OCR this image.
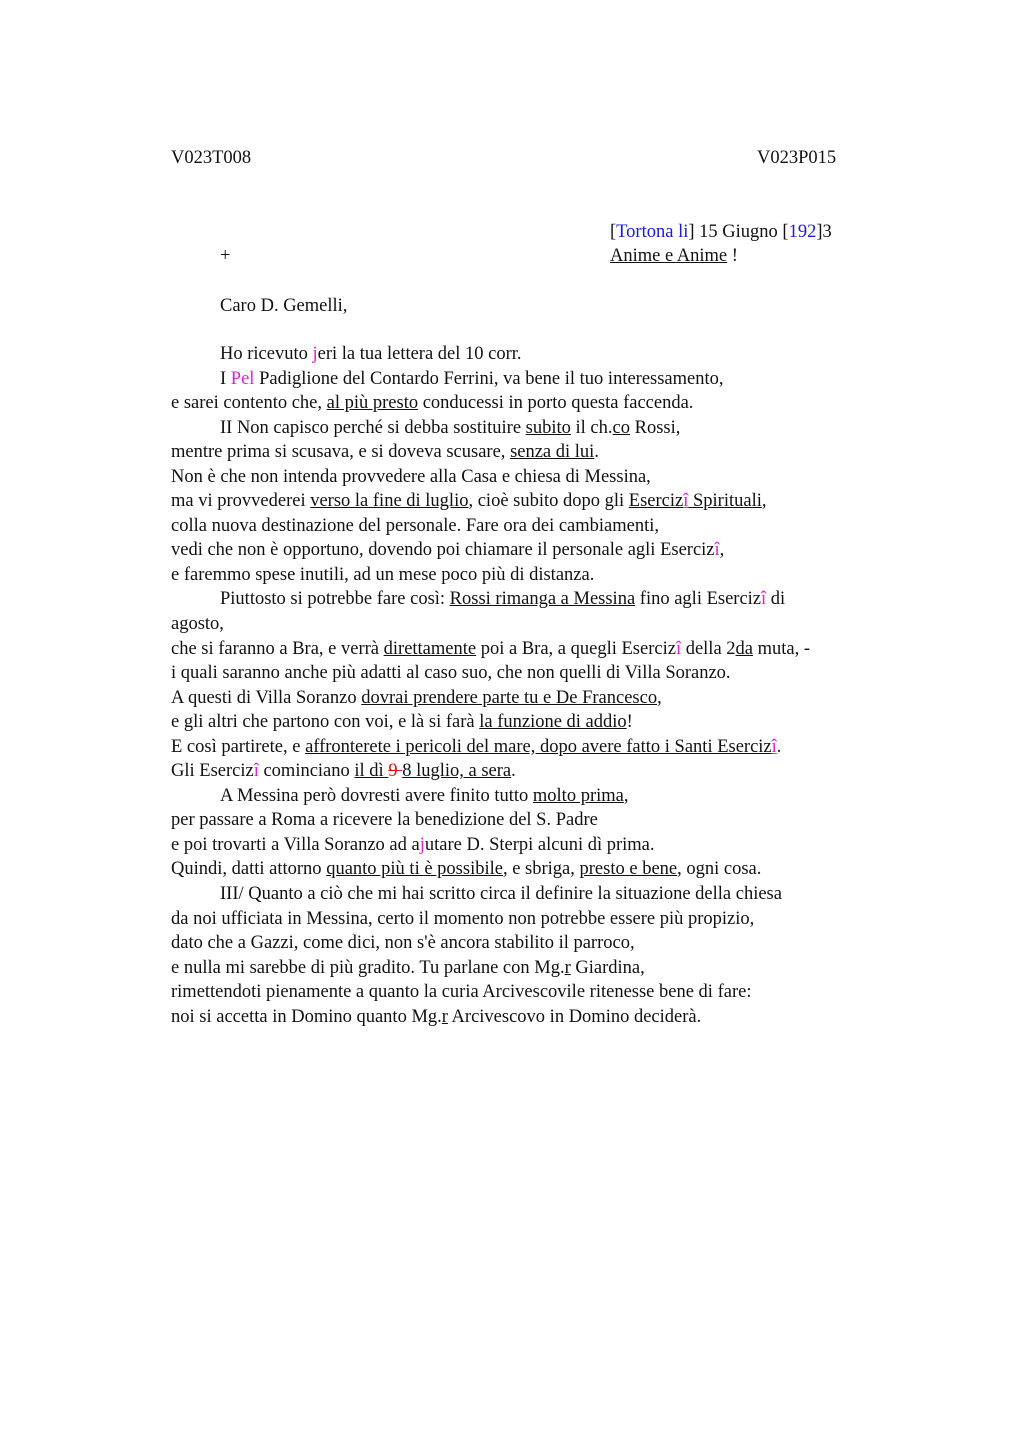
V023T008	V023P015
[Tortona li] 15 Giugno [192]3
+	Anime e Anime !
Caro D. Gemelli,
Ho ricevuto jeri la tua lettera del 10 corr.
I Pel Padiglione del Contardo Ferrini, va bene il tuo interessamento,
e sarei contento che, al più presto conducessi in porto questa faccenda.
II Non capisco perché si debba sostituire subito il ch.co Rossi,
mentre prima si scusava, e si doveva scusare, senza di lui.
Non è che non intenda provvedere alla Casa e chiesa di Messina,
ma vi provvederei verso la fine di luglio, cioè subito dopo gli Esercizî Spirituali,
colla nuova destinazione del personale. Fare ora dei cambiamenti,
vedi che non è opportuno, dovendo poi chiamare il personale agli Esercizî,
e faremmo spese inutili, ad un mese poco più di distanza.
Piuttosto si potrebbe fare così: Rossi rimanga a Messina fino agli Esercizî di
agosto,
che si faranno a Bra, e verrà direttamente poi a Bra, a quegli Esercizî della 2da muta, -
i quali saranno anche più adatti al caso suo, che non quelli di Villa Soranzo.
A questi di Villa Soranzo dovrai prendere parte tu e De Francesco,
e gli altri che partono con voi, e là si farà la funzione di addio!
E così partirete, e affronterete i pericoli del mare, dopo avere fatto i Santi Esercizî.
Gli Esercizî cominciano il dì 9 8 luglio, a sera.
A Messina però dovresti avere finito tutto molto prima,
per passare a Roma a ricevere la benedizione del S. Padre
e poi trovarti a Villa Soranzo ad ajutare D. Sterpi alcuni dì prima.
Quindi, datti attorno quanto più ti è possibile, e sbriga, presto e bene, ogni cosa.
III/ Quanto a ciò che mi hai scritto circa il definire la situazione della chiesa
da noi ufficiata in Messina, certo il momento non potrebbe essere più propizio,
dato che a Gazzi, come dici, non s'è ancora stabilito il parroco,
e nulla mi sarebbe di più gradito. Tu parlane con Mg.r Giardina,
rimettendoti pienamente a quanto la curia Arcivescovile ritenesse bene di fare:
noi si accetta in Domino quanto Mg.r Arcivescovo in Domino deciderà.
